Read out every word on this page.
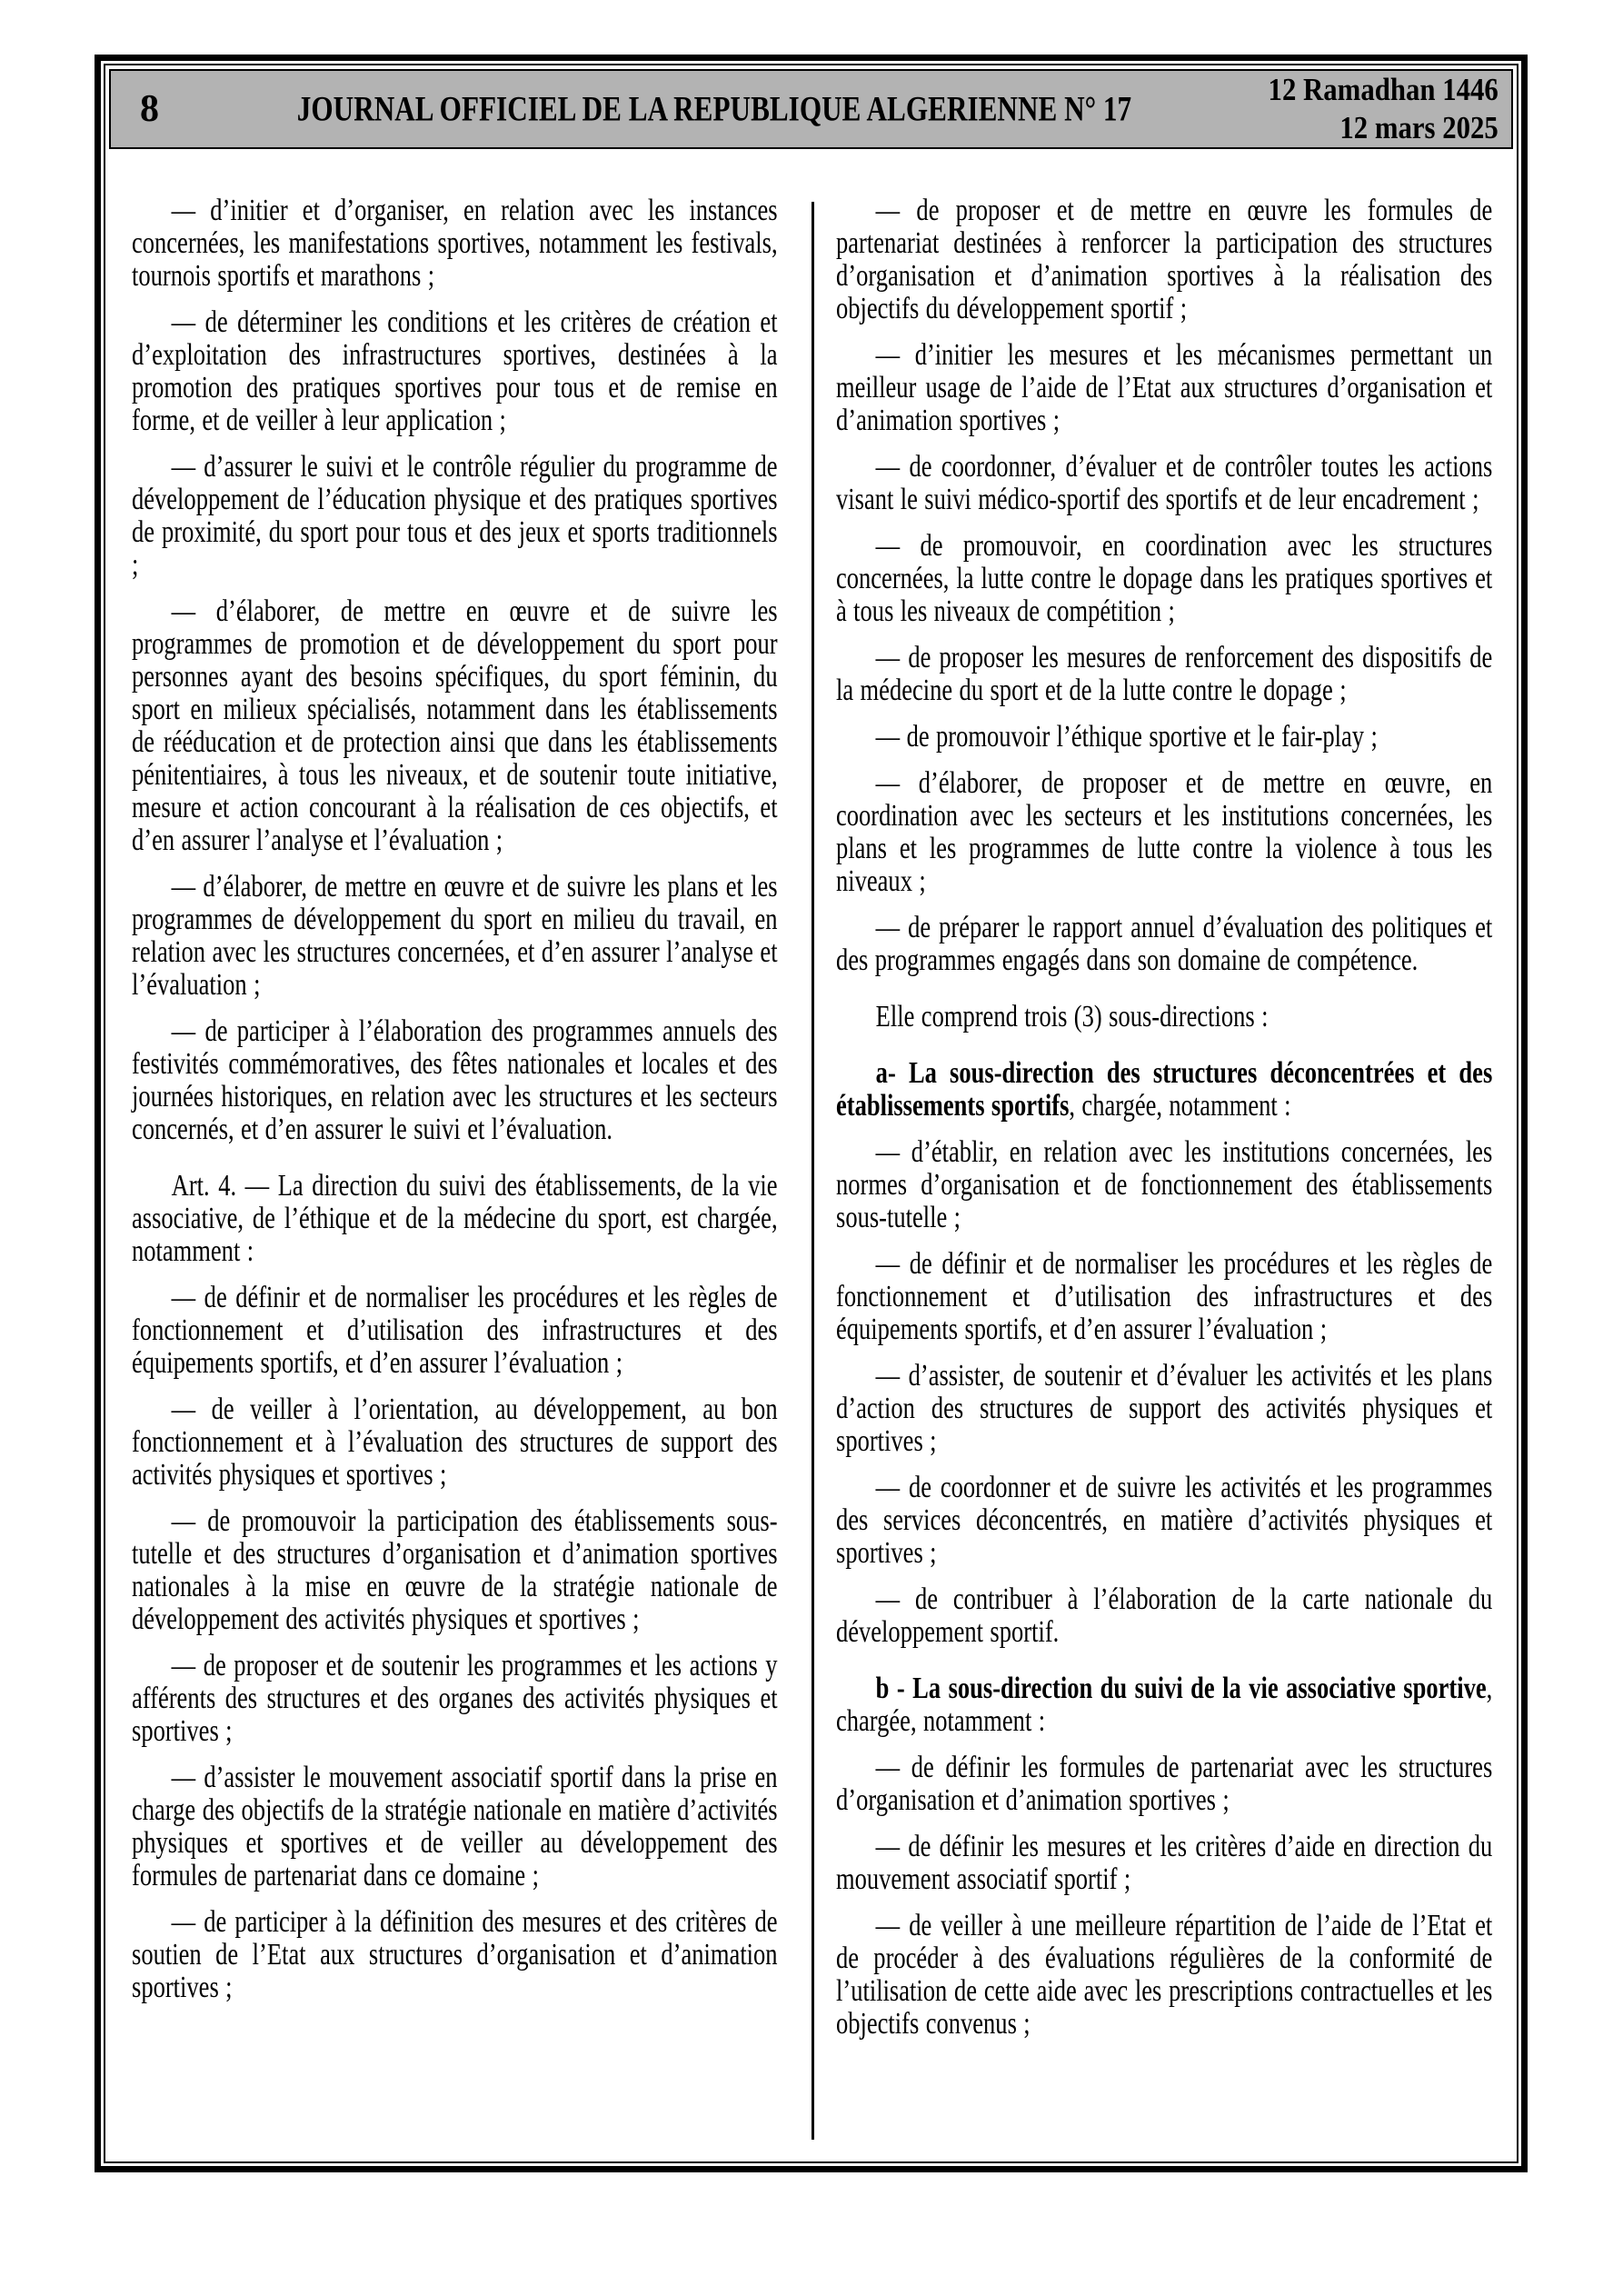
8	JOURNAL OFFICIEL DE LA REPUBLIQUE ALGERIENNE N° 17	12 Ramadhan 1446
12 mars 2025

— d’initier et d’organiser, en relation avec les instances concernées, les manifestations sportives, notamment les festivals, tournois sportifs et marathons ;

— de déterminer les conditions et les critères de création et d’exploitation des infrastructures sportives, destinées à la promotion des pratiques sportives pour tous et de remise en forme, et de veiller à leur application ;

— d’assurer le suivi et le contrôle régulier du programme de développement de l’éducation physique et des pratiques sportives de proximité, du sport pour tous et des jeux et sports traditionnels ;

— d’élaborer, de mettre en œuvre et de suivre les programmes de promotion et de développement du sport pour personnes ayant des besoins spécifiques, du sport féminin, du sport en milieux spécialisés, notamment dans les établissements de rééducation et de protection ainsi que dans les établissements pénitentiaires, à tous les niveaux, et de soutenir toute initiative, mesure et action concourant à la réalisation de ces objectifs, et d’en assurer l’analyse et l’évaluation ;

— d’élaborer, de mettre en œuvre et de suivre les plans et les programmes de développement du sport en milieu du travail, en relation avec les structures concernées, et d’en assurer l’analyse et l’évaluation ;

— de participer à l’élaboration des programmes annuels des festivités commémoratives, des fêtes nationales et locales et des journées historiques, en relation avec les structures et les secteurs concernés, et d’en assurer le suivi et l’évaluation.

Art. 4. — La direction du suivi des établissements, de la vie associative, de l’éthique et de la médecine du sport, est chargée, notamment :

— de définir et de normaliser les procédures et les règles de fonctionnement et d’utilisation des infrastructures et des équipements sportifs, et d’en assurer l’évaluation ;

— de veiller à l’orientation, au développement, au bon fonctionnement et à l’évaluation des structures de support des activités physiques et sportives ;

— de promouvoir la participation des établissements sous-tutelle et des structures d’organisation et d’animation sportives nationales à la mise en œuvre de la stratégie nationale de développement des activités physiques et sportives ;

— de proposer et de soutenir les programmes et les actions y afférents des structures et des organes des activités physiques et sportives ;

— d’assister le mouvement associatif sportif dans la prise en charge des objectifs de la stratégie nationale en matière d’activités physiques et sportives et de veiller au développement des formules de partenariat dans ce domaine ;

— de participer à la définition des mesures et des critères de soutien de l’Etat aux structures d’organisation et d’animation sportives ;

— de proposer et de mettre en œuvre les formules de partenariat destinées à renforcer la participation des structures d’organisation et d’animation sportives à la réalisation des objectifs du développement sportif ;

— d’initier les mesures et les mécanismes permettant un meilleur usage de l’aide de l’Etat aux structures d’organisation et d’animation sportives ;

— de coordonner, d’évaluer et de contrôler toutes les actions visant le suivi médico-sportif des sportifs et de leur encadrement ;

— de promouvoir, en coordination avec les structures concernées, la lutte contre le dopage dans les pratiques sportives et à tous les niveaux de compétition ;

— de proposer les mesures de renforcement des dispositifs de la médecine du sport et de la lutte contre le dopage ;

— de promouvoir l’éthique sportive et le fair-play ;

— d’élaborer, de proposer et de mettre en œuvre, en coordination avec les secteurs et les institutions concernées, les plans et les programmes de lutte contre la violence à tous les niveaux ;

— de préparer le rapport annuel d’évaluation des politiques et des programmes engagés dans son domaine de compétence.

Elle comprend trois (3) sous-directions :

a- La sous-direction des structures déconcentrées et des établissements sportifs, chargée, notamment :

— d’établir, en relation avec les institutions concernées, les normes d’organisation et de fonctionnement des établissements sous-tutelle ;

— de définir et de normaliser les procédures et les règles de fonctionnement et d’utilisation des infrastructures et des équipements sportifs, et d’en assurer l’évaluation ;

— d’assister, de soutenir et d’évaluer les activités et les plans d’action des structures de support des activités physiques et sportives ;

— de coordonner et de suivre les activités et les programmes des services déconcentrés, en matière d’activités physiques et sportives ;

— de contribuer à l’élaboration de la carte nationale du développement sportif.

b - La sous-direction du suivi de la vie associative sportive, chargée, notamment :

— de définir les formules de partenariat avec les structures d’organisation et d’animation sportives ;

— de définir les mesures et les critères d’aide en direction du mouvement associatif sportif ;

— de veiller à une meilleure répartition de l’aide de l’Etat et de procéder à des évaluations régulières de la conformité de l’utilisation de cette aide avec les prescriptions contractuelles et les objectifs convenus ;
